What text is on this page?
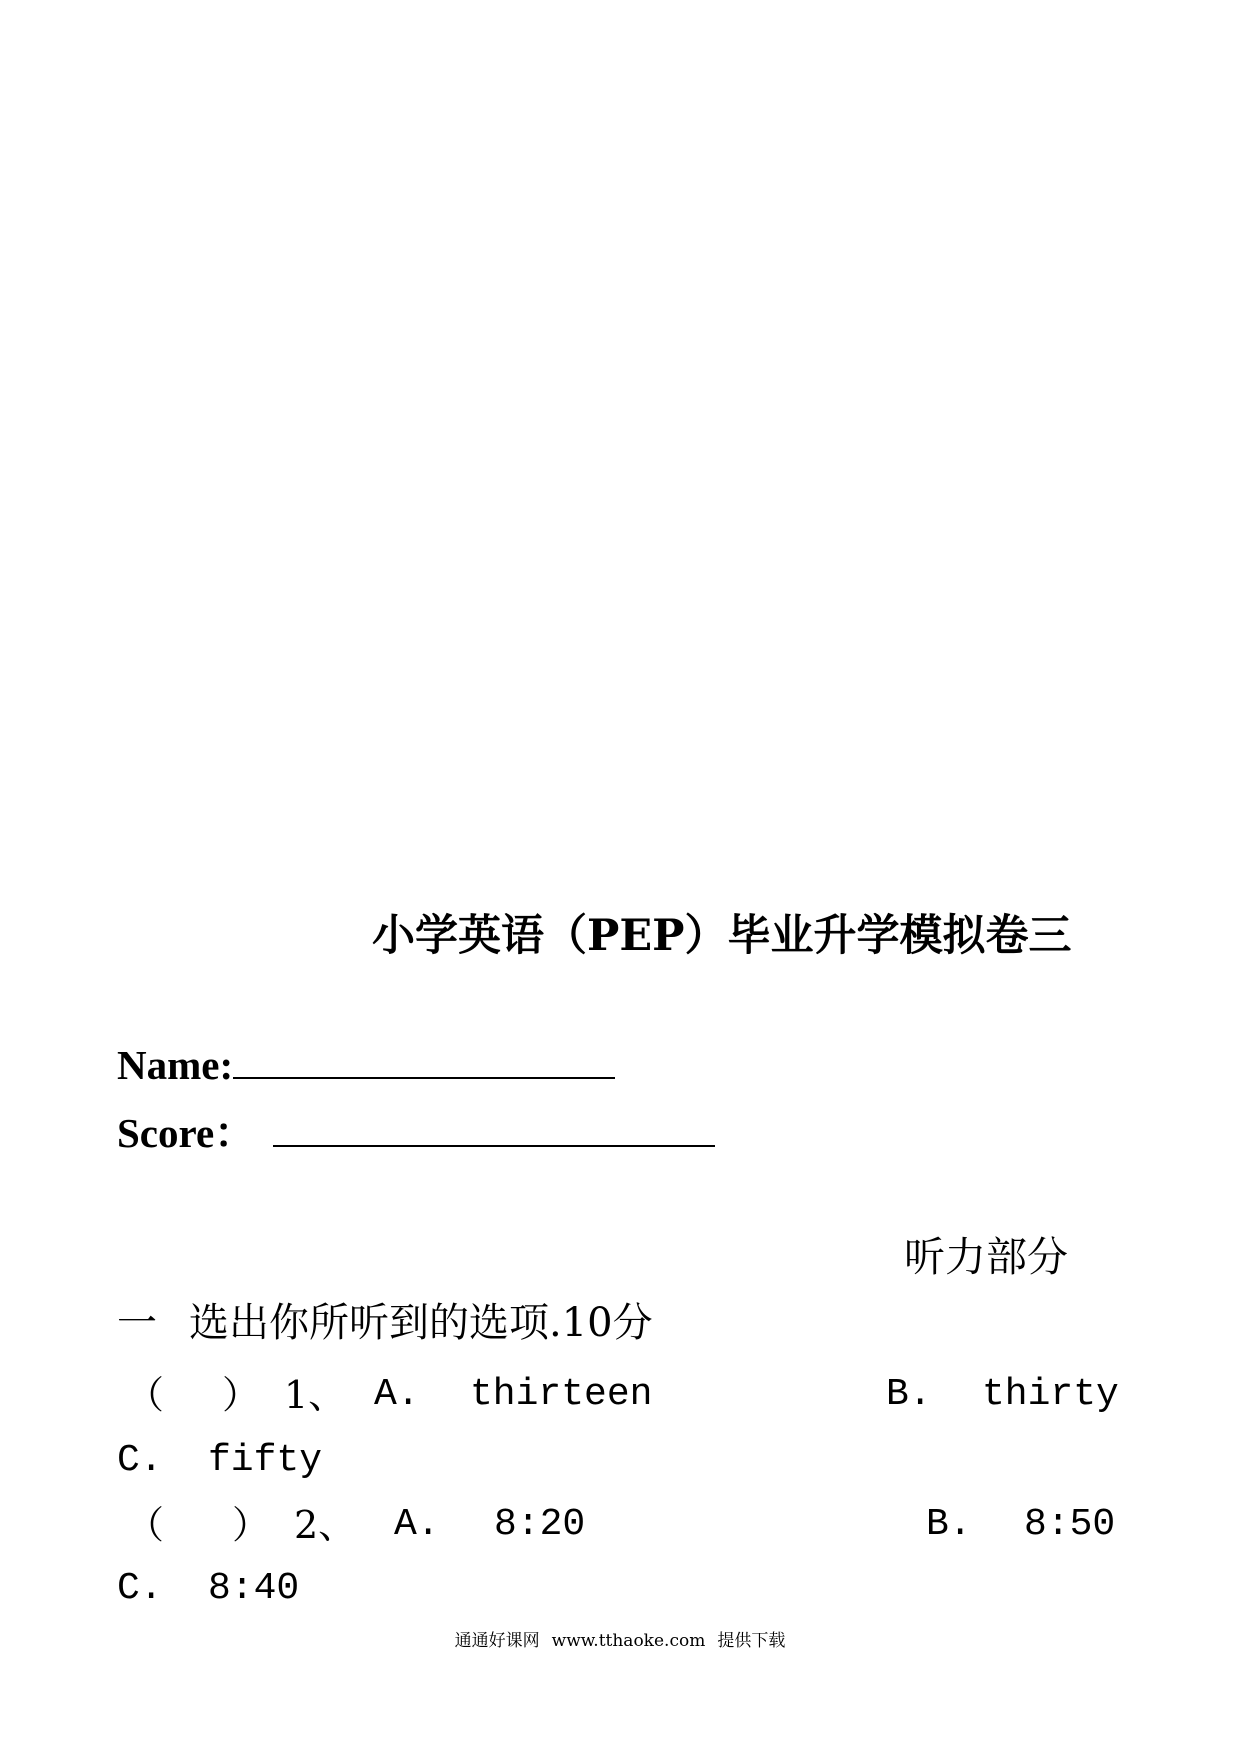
小学英语（PEP）毕业升学模拟卷三
Name:
Score：
听力部分
一 选出你所听到的选项.10分
（ ） 1、 A. thirteen	B. thirty
C. fifty
（ ） 2、 A. 8:20	B. 8:50
C. 8:40
通通好课网 www.tthaoke.com 提供下载
